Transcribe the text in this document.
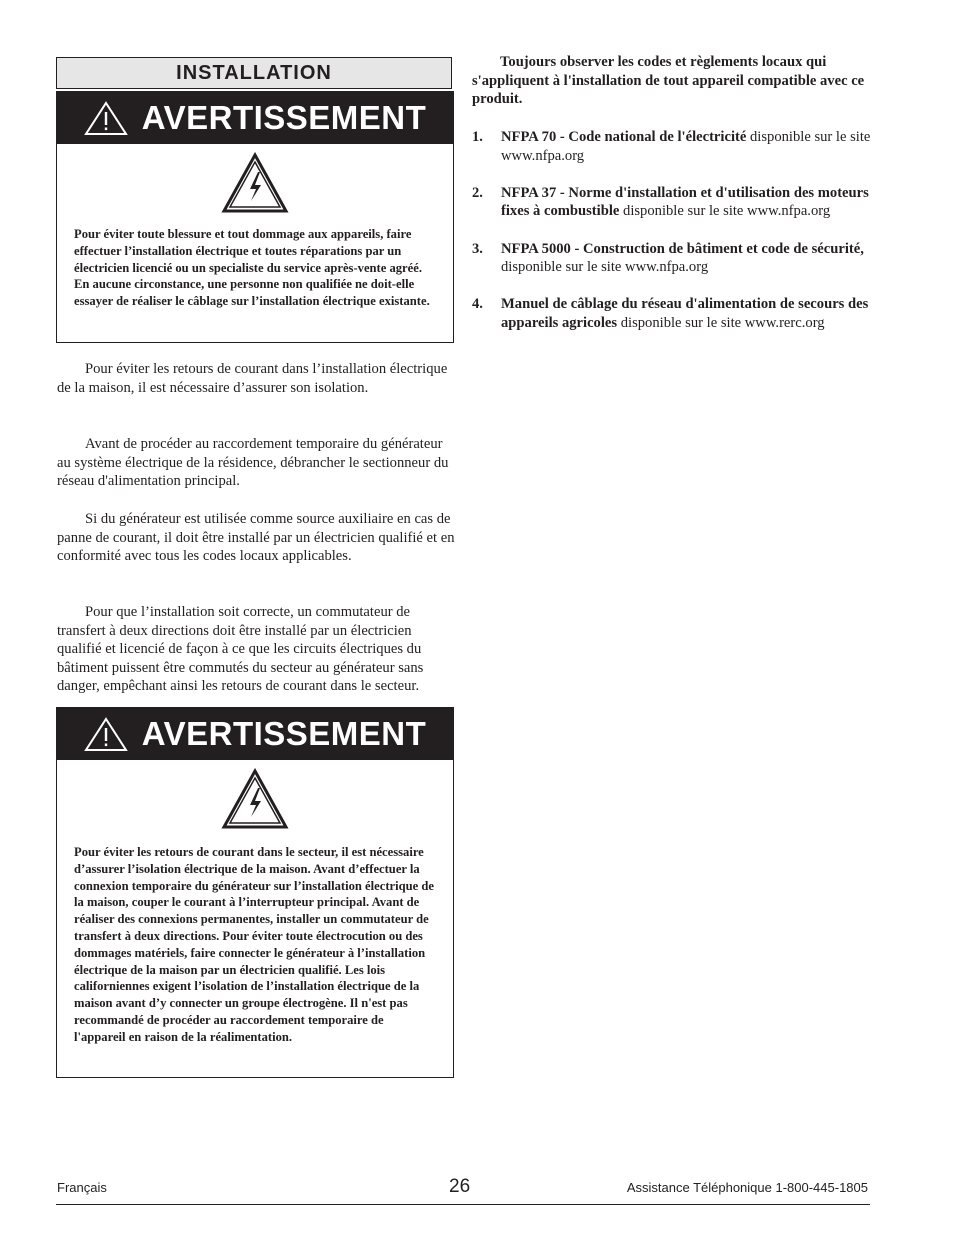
INSTALLATION
AVERTISSEMENT

Pour éviter toute blessure et tout dommage aux appareils, faire effectuer l’installation électrique et toutes réparations par un électricien licencié ou un specialiste du service après-vente agréé. En aucune circonstance, une personne non qualifiée ne doit-elle essayer de réaliser le câblage sur l’installation électrique existante.

Pour éviter les retours de courant dans l’installation électrique de la maison, il est nécessaire d’assurer son isolation.

Avant de procéder au raccordement temporaire du générateur au système électrique de la résidence, débrancher le sectionneur du réseau d'alimentation principal.

Si du générateur est utilisée comme source auxiliaire en cas de panne de courant, il doit être installé par un électricien qualifié et en conformité avec tous les codes locaux applicables.

Pour que l’installation soit correcte, un commutateur de transfert à deux directions doit être installé par un électricien qualifié et licencié de façon à ce que les circuits électriques du bâtiment puissent être commutés du secteur au générateur sans danger, empêchant ainsi les retours de courant dans le secteur.

AVERTISSEMENT

Pour éviter les retours de courant dans le secteur, il est nécessaire d’assurer l’isolation électrique de la maison. Avant d’effectuer la connexion temporaire du générateur sur l’installation électrique de la maison, couper le courant à l’interrupteur principal. Avant de réaliser des connexions permanentes, installer un commutateur de transfert à deux directions. Pour éviter toute électrocution ou des dommages matériels, faire connecter le générateur à l’installation électrique de la maison par un électricien qualifié. Les lois californiennes exigent l’isolation de l’installation électrique de la maison avant d’y connecter un groupe électrogène. Il n'est pas recommandé de procéder au raccordement temporaire de l'appareil en raison de la réalimentation.

Toujours observer les codes et règlements locaux qui s'appliquent à l'installation de tout appareil compatible avec ce produit.

1. NFPA 70 - Code national de l'électricité disponible sur le site www.nfpa.org
2. NFPA 37 - Norme d'installation et d'utilisation des moteurs fixes à combustible disponible sur le site www.nfpa.org
3. NFPA 5000 - Construction de bâtiment et code de sécurité, disponible sur le site www.nfpa.org
4. Manuel de câblage du réseau d'alimentation de secours des appareils agricoles disponible sur le site www.rerc.org
Français	26	Assistance Téléphonique 1-800-445-1805
